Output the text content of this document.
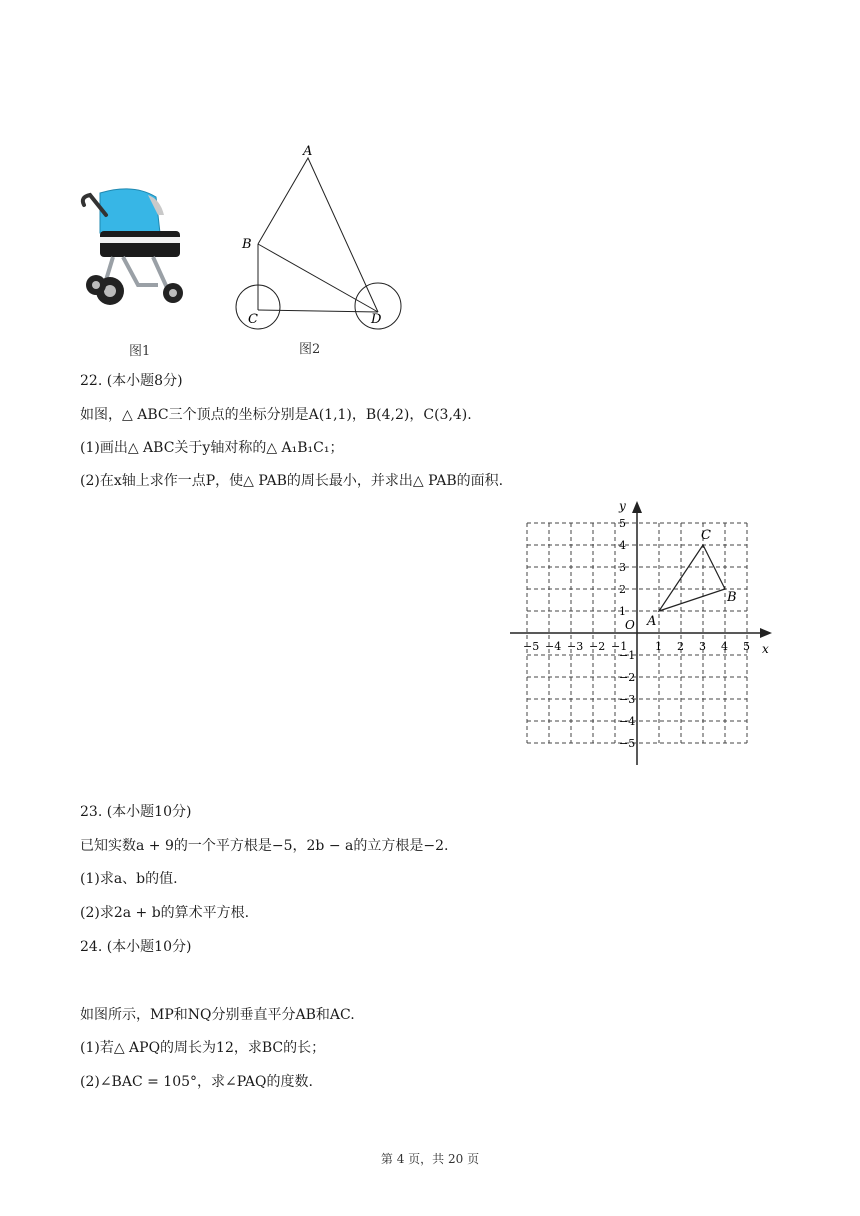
图1
A
B
C	D
图2
22. (本小题8分)
如图，△ ABC三个顶点的坐标分别是A(1,1)，B(4,2)，C(3,4).
(1)画出△ ABC关于y轴对称的△ A₁B₁C₁；
(2)在x轴上求作一点P，使△ PAB的周长最小，并求出△ PAB的面积.
x
y
O
−5 −4 −3 −2 −1	1 2 3 4 5
5
4
3
2
1
−1
−2
−3
−4
−5
A
B
C
23. (本小题10分)
已知实数a + 9的一个平方根是−5，2b − a的立方根是−2.
(1)求a、b的值.
(2)求2a + b的算术平方根.
24. (本小题10分)
如图所示，MP和NQ分别垂直平分AB和AC.
(1)若△ APQ的周长为12，求BC的长；
(2)∠BAC = 105°，求∠PAQ的度数.
第 4 页，共 20 页
